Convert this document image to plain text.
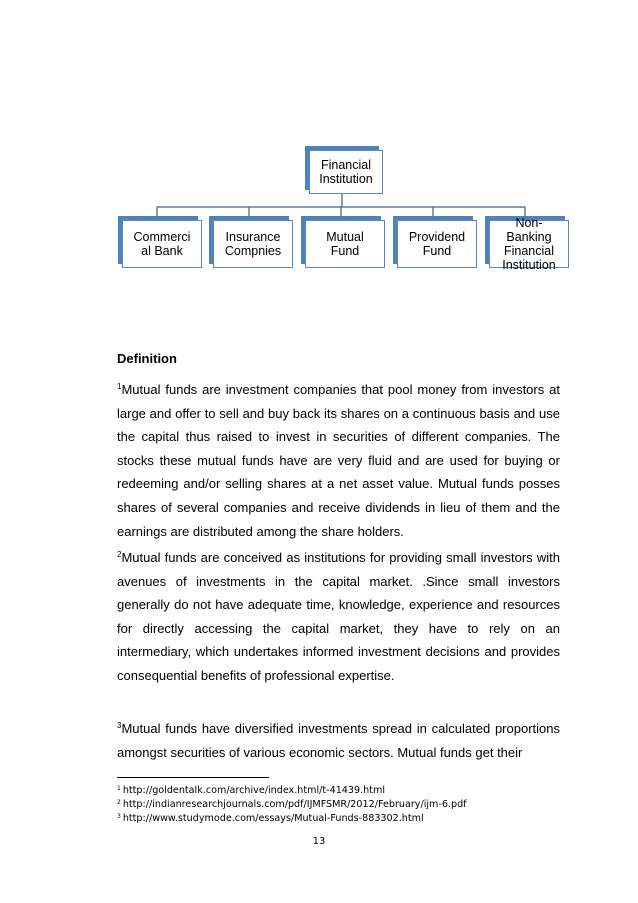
Financial
Institution
Commerci
al Bank
Insurance
Compnies
Mutual
Fund
Providend
Fund
Non-
Banking
Financial
Institution
Definition

$^1$Mutual funds are investment companies that pool money from investors at large and offer to sell and buy back its shares on a continuous basis and use the capital thus raised to invest in securities of different companies. The stocks these mutual funds have are very fluid and are used for buying or redeeming and/or selling shares at a net asset value. Mutual funds posses shares of several companies and receive dividends in lieu of them and the earnings are distributed among the share holders.

$^2$Mutual funds are conceived as institutions for providing small investors with avenues of investments in the capital market. .Since small investors generally do not have adequate time, knowledge, experience and resources for directly accessing the capital market, they have to rely on an intermediary, which undertakes informed investment decisions and provides consequential benefits of professional expertise.

$^3$Mutual funds have diversified investments spread in calculated proportions amongst securities of various economic sectors. Mutual funds get their

$^1$ http://goldentalk.com/archive/index.html/t-41439.html
$^2$ http://indianresearchjournals.com/pdf/IJMFSMR/2012/February/ijm-6.pdf
$^3$ http://www.studymode.com/essays/Mutual-Funds-883302.html
13
